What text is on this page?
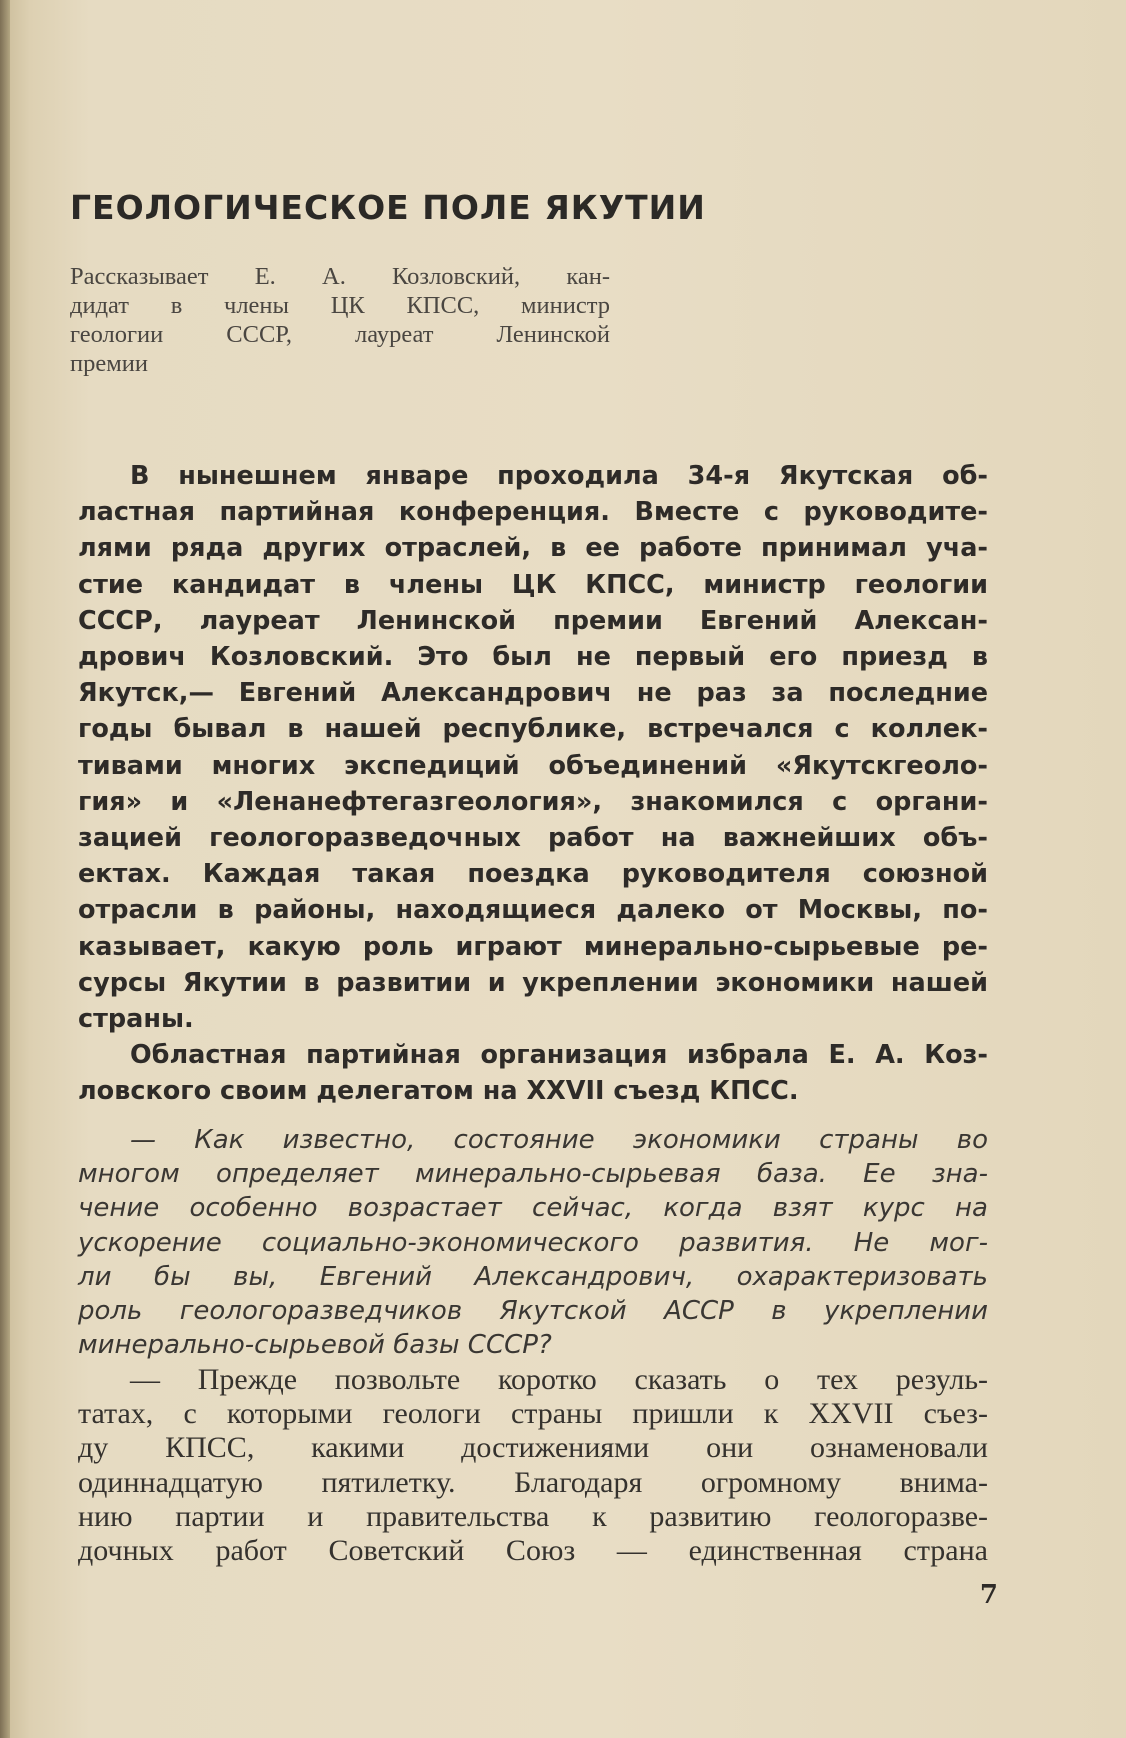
ГЕОЛОГИЧЕСКОЕ ПОЛЕ ЯКУТИИ
Рассказывает Е. А. Козловский, кан-
дидат в члены ЦК КПСС, министр
геологии СССР, лауреат Ленинской
премии
В нынешнем январе проходила 34-я Якутская об-
ластная партийная конференция. Вместе с руководите-
лями ряда других отраслей, в ее работе принимал уча-
стие кандидат в члены ЦК КПСС, министр геологии
СССР, лауреат Ленинской премии Евгений Алексан-
дрович Козловский. Это был не первый его приезд в
Якутск,— Евгений Александрович не раз за последние
годы бывал в нашей республике, встречался с коллек-
тивами многих экспедиций объединений «Якутскгеоло-
гия» и «Ленанефтегазгеология», знакомился с органи-
зацией геологоразведочных работ на важнейших объ-
ектах. Каждая такая поездка руководителя союзной
отрасли в районы, находящиеся далеко от Москвы, по-
казывает, какую роль играют минерально-сырьевые ре-
сурсы Якутии в развитии и укреплении экономики нашей
страны.
Областная партийная организация избрала Е. А. Коз-
ловского своим делегатом на XXVII съезд КПСС.
— Как известно, состояние экономики страны во
многом определяет минерально-сырьевая база. Ее зна-
чение особенно возрастает сейчас, когда взят курс на
ускорение социально-экономического развития. Не мог-
ли бы вы, Евгений Александрович, охарактеризовать
роль геологоразведчиков Якутской АССР в укреплении
минерально-сырьевой базы СССР?
— Прежде позвольте коротко сказать о тех резуль-
татах, с которыми геологи страны пришли к XXVII съез-
ду КПСС, какими достижениями они ознаменовали
одиннадцатую пятилетку. Благодаря огромному внима-
нию партии и правительства к развитию геологоразве-
дочных работ Советский Союз — единственная страна
7
